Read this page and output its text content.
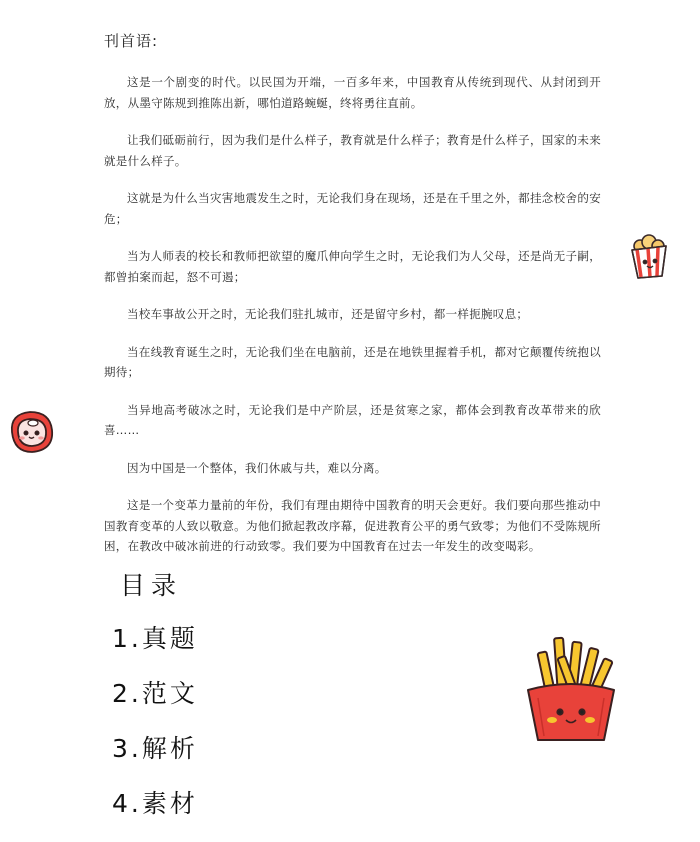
刊首语:

这是一个剧变的时代。以民国为开端，一百多年来，中国教育从传统到现代、从封闭到开放，从墨守陈规到推陈出新，哪怕道路蜿蜒，终将勇往直前。

让我们砥砺前行，因为我们是什么样子，教育就是什么样子；教育是什么样子，国家的未来就是什么样子。

这就是为什么当灾害地震发生之时，无论我们身在现场，还是在千里之外，都挂念校舍的安危；

当为人师表的校长和教师把欲望的魔爪伸向学生之时，无论我们为人父母，还是尚无子嗣，都曾拍案而起，怒不可遏；

当校车事故公开之时，无论我们驻扎城市，还是留守乡村，都一样扼腕叹息；

当在线教育诞生之时，无论我们坐在电脑前，还是在地铁里握着手机，都对它颠覆传统抱以期待；

当异地高考破冰之时，无论我们是中产阶层，还是贫寒之家，都体会到教育改革带来的欣喜……

因为中国是一个整体，我们休戚与共，难以分离。

这是一个变革力量前的年份，我们有理由期待中国教育的明天会更好。我们要向那些推动中国教育变革的人致以敬意。为他们掀起教改序幕，促进教育公平的勇气致零；为他们不受陈规所困，在教改中破冰前进的行动致零。我们要为中国教育在过去一年发生的改变喝彩。

目录
1.真题
2.范文
3.解析
4.素材
